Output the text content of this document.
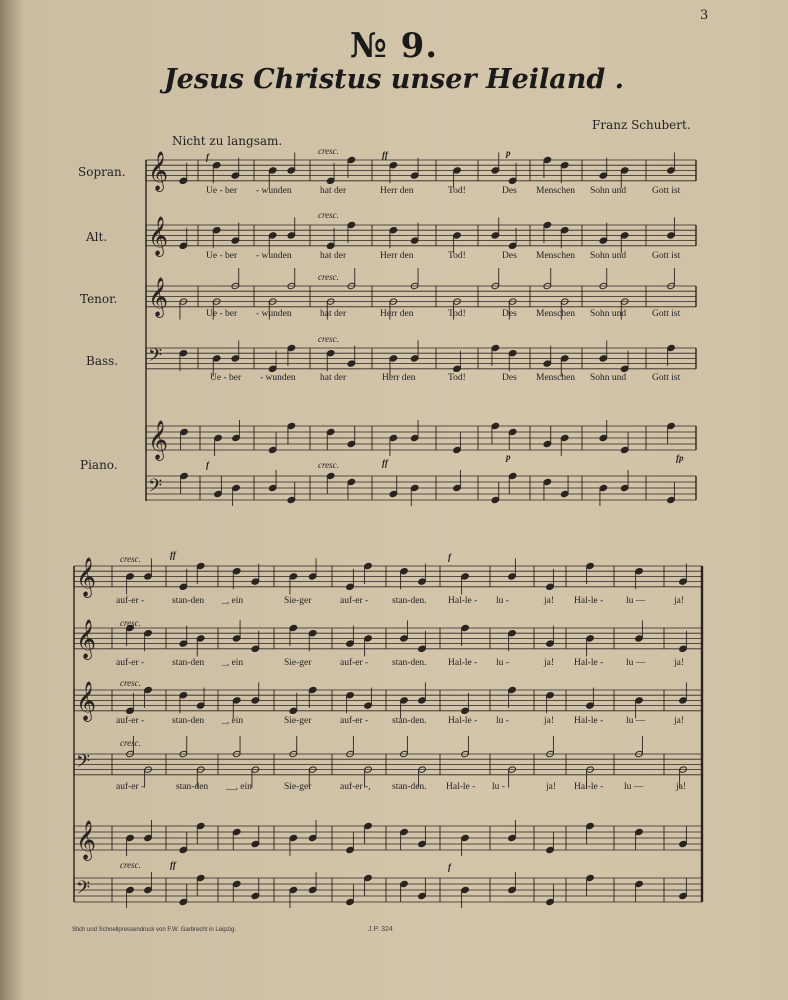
𝄞
𝄞
𝄞
𝄢
𝄞
𝄢
𝄞
𝄞
𝄞
𝄢
𝄞
𝄢
3
№ 9.
Jesus Christus unser Heiland .
Franz Schubert.
Nicht zu langsam.
Sopran.
Alt.
Tenor.
Bass.
Piano.
cresc.
cresc.
cresc.
cresc.
cresc.
f
f
ff
ff
p
p	fp
cresc.
cresc.
cresc.
cresc.
cresc.
ff
ff
f
f
Ue - ber - wunden	hat der	Herr den	Tod!	Des Menschen Sohn und	Gott ist
Ue - ber - wunden	hat der	Herr den	Tod!	Des Menschen Sohn und	Gott ist
Ue - ber - wunden	hat der	Herr den	Tod!	Des Menschen Sohn und	Gott ist
Ue - ber - wunden	hat der	Herr den	Tod!	Des Menschen Sohn und	Gott ist
auf-er -	stan-den _, ein	Sie-ger	auf-er -	stan-den. Hal-le - lu -	ja! Hal-le - lu —	ja!
auf-er -	stan-den _, ein	Sie-ger	auf-er -	stan-den. Hal-le - lu -	ja! Hal-le - lu —	ja!
auf-er -	stan-den _, ein	Sie-ger	auf-er -	stan-den. Hal-le - lu -	ja! Hal-le - lu —	ja!
auf-er -	stan-den __, ein	Sie-ger	auf-er -, stan-den. Hal-le - lu -	ja! Hal-le - lu —	ja!
Stich und Schnellpressendruck von F.W. Garbrecht in Leipzig.	J.P. 324
